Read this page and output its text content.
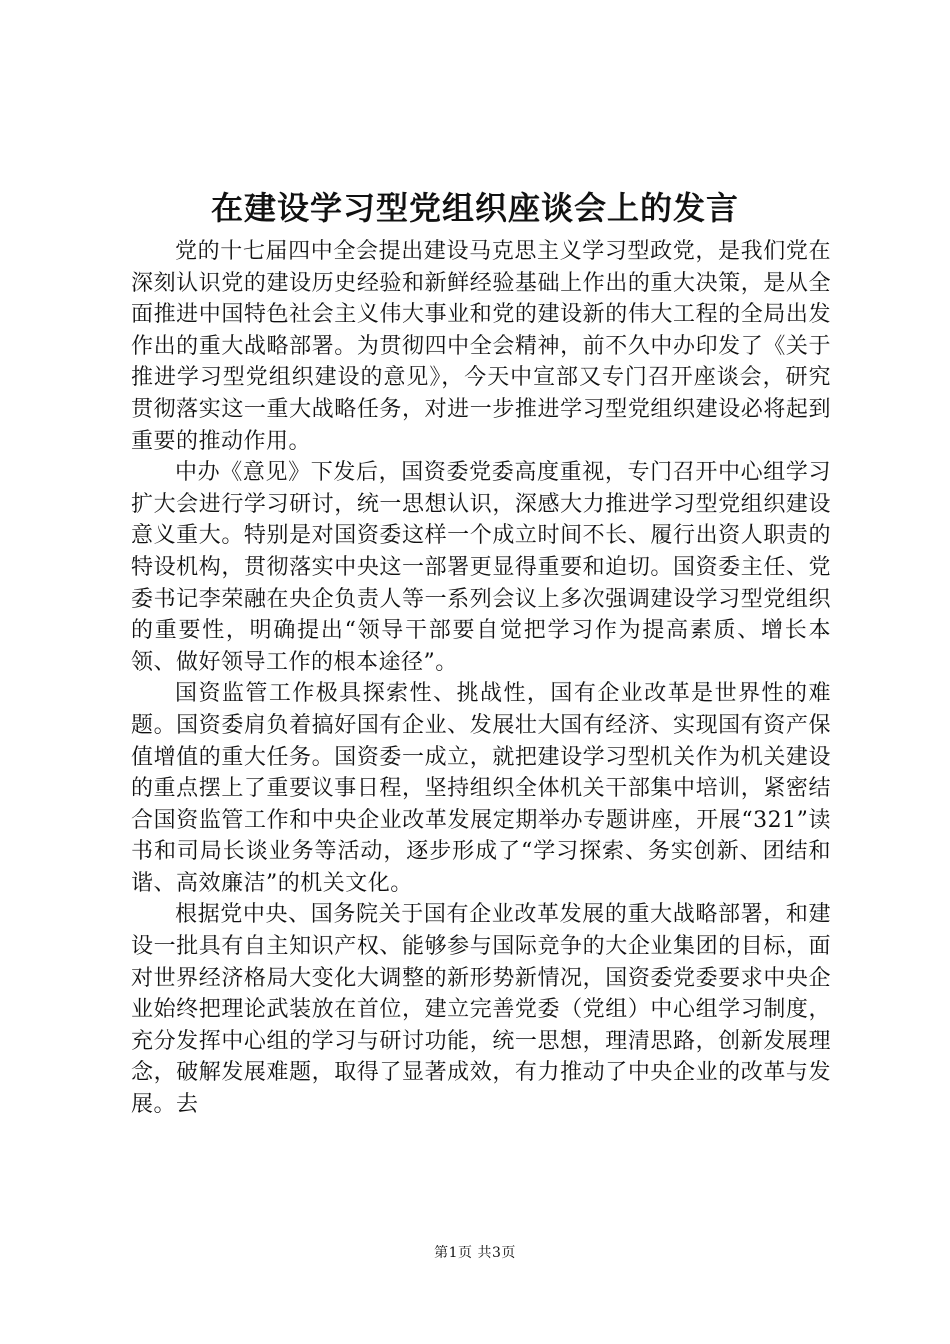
在建设学习型党组织座谈会上的发言

党的十七届四中全会提出建设马克思主义学习型政党，是我们党在深刻认识党的建设历史经验和新鲜经验基础上作出的重大决策，是从全面推进中国特色社会主义伟大事业和党的建设新的伟大工程的全局出发作出的重大战略部署。为贯彻四中全会精神，前不久中办印发了《关于推进学习型党组织建设的意见》，今天中宣部又专门召开座谈会，研究贯彻落实这一重大战略任务，对进一步推进学习型党组织建设必将起到重要的推动作用。

中办《意见》下发后，国资委党委高度重视，专门召开中心组学习扩大会进行学习研讨，统一思想认识，深感大力推进学习型党组织建设意义重大。特别是对国资委这样一个成立时间不长、履行出资人职责的特设机构，贯彻落实中央这一部署更显得重要和迫切。国资委主任、党委书记李荣融在央企负责人等一系列会议上多次强调建设学习型党组织的重要性，明确提出“领导干部要自觉把学习作为提高素质、增长本领、做好领导工作的根本途径”。

国资监管工作极具探索性、挑战性，国有企业改革是世界性的难题。国资委肩负着搞好国有企业、发展壮大国有经济、实现国有资产保值增值的重大任务。国资委一成立，就把建设学习型机关作为机关建设的重点摆上了重要议事日程，坚持组织全体机关干部集中培训，紧密结合国资监管工作和中央企业改革发展定期举办专题讲座，开展“321”读书和司局长谈业务等活动，逐步形成了“学习探索、务实创新、团结和谐、高效廉洁”的机关文化。

根据党中央、国务院关于国有企业改革发展的重大战略部署，和建设一批具有自主知识产权、能够参与国际竞争的大企业集团的目标，面对世界经济格局大变化大调整的新形势新情况，国资委党委要求中央企业始终把理论武装放在首位，建立完善党委（党组）中心组学习制度，充分发挥中心组的学习与研讨功能，统一思想，理清思路，创新发展理念，破解发展难题，取得了显著成效，有力推动了中央企业的改革与发展。去

第1页 共3页
